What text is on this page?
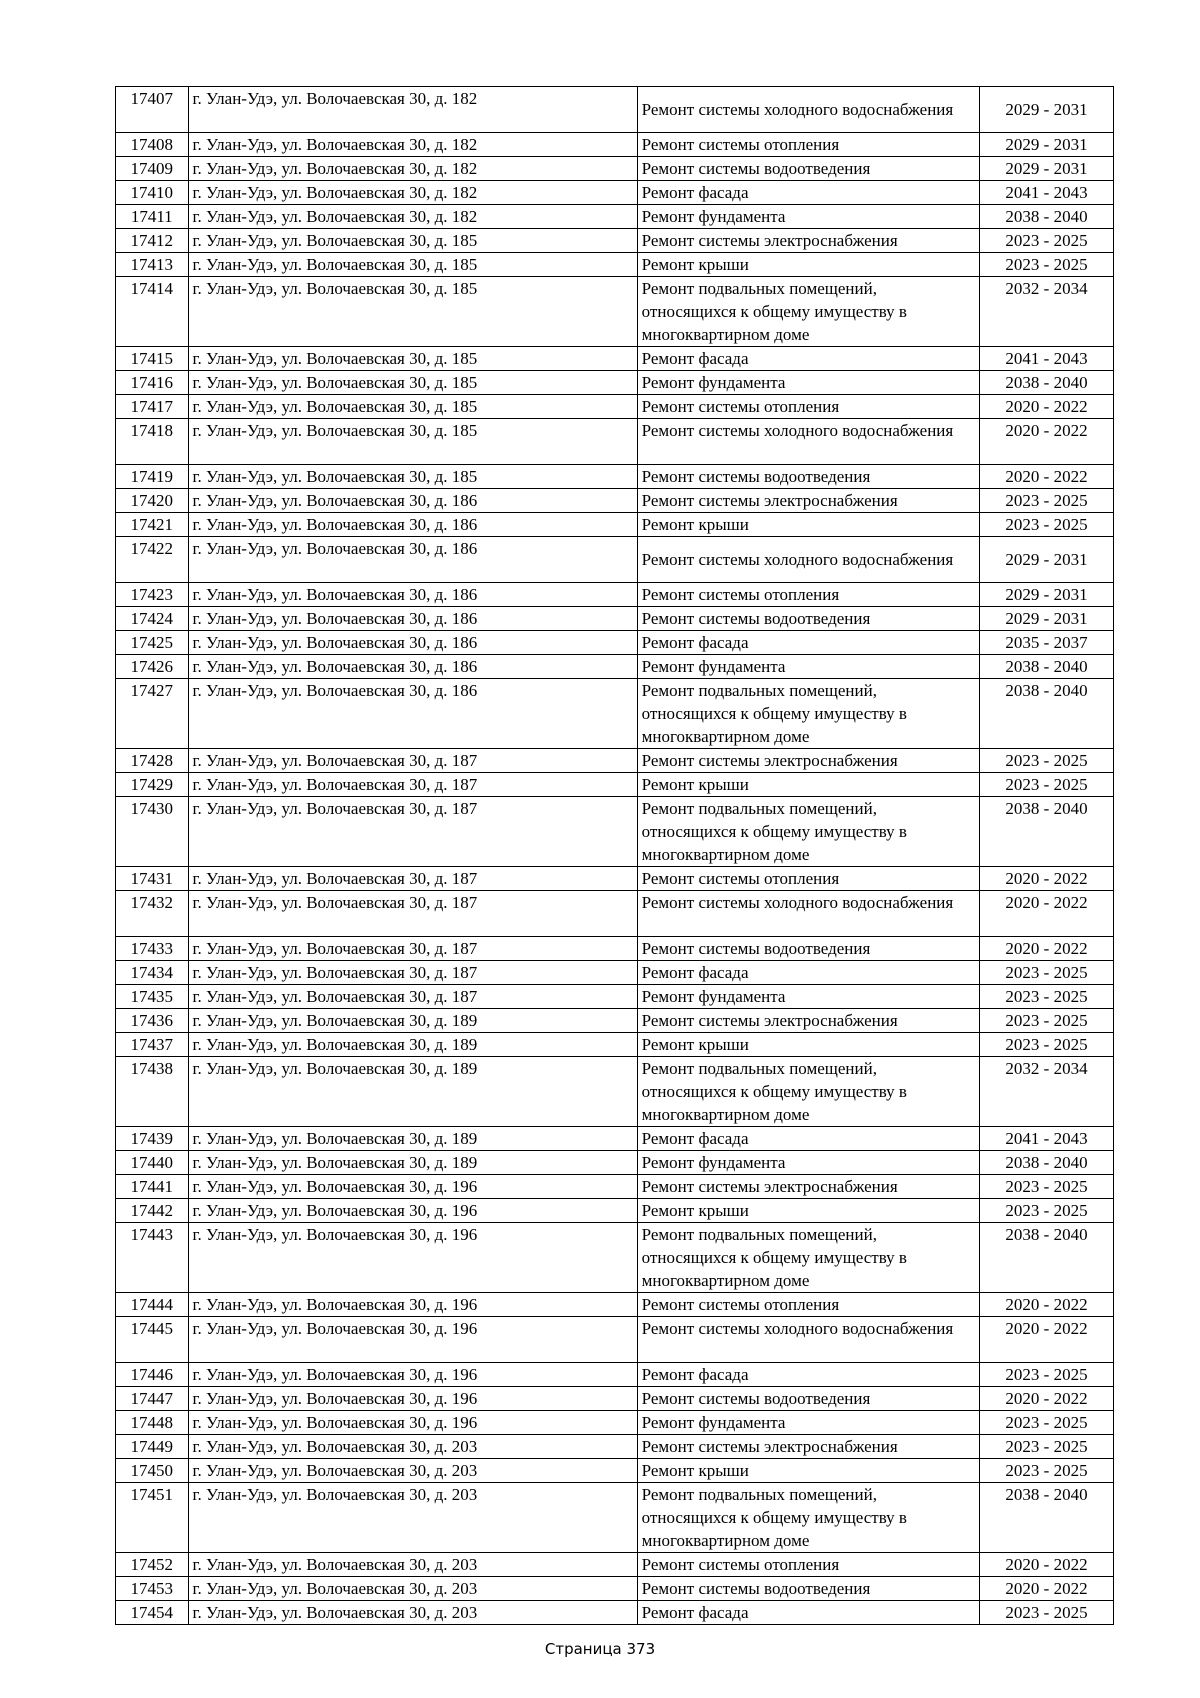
17407	г. Улан-Удэ, ул. Волочаевская 30, д. 182	Ремонт системы холодного водоснабжения	2029 - 2031
17408	г. Улан-Удэ, ул. Волочаевская 30, д. 182	Ремонт системы отопления	2029 - 2031
17409	г. Улан-Удэ, ул. Волочаевская 30, д. 182	Ремонт системы водоотведения	2029 - 2031
17410	г. Улан-Удэ, ул. Волочаевская 30, д. 182	Ремонт фасада	2041 - 2043
17411	г. Улан-Удэ, ул. Волочаевская 30, д. 182	Ремонт фундамента	2038 - 2040
17412	г. Улан-Удэ, ул. Волочаевская 30, д. 185	Ремонт системы электроснабжения	2023 - 2025
17413	г. Улан-Удэ, ул. Волочаевская 30, д. 185	Ремонт крыши	2023 - 2025
17414	г. Улан-Удэ, ул. Волочаевская 30, д. 185	Ремонт подвальных помещений, относящихся к общему имуществу в многоквартирном доме	2032 - 2034
17415	г. Улан-Удэ, ул. Волочаевская 30, д. 185	Ремонт фасада	2041 - 2043
17416	г. Улан-Удэ, ул. Волочаевская 30, д. 185	Ремонт фундамента	2038 - 2040
17417	г. Улан-Удэ, ул. Волочаевская 30, д. 185	Ремонт системы отопления	2020 - 2022
17418	г. Улан-Удэ, ул. Волочаевская 30, д. 185	Ремонт системы холодного водоснабжения	2020 - 2022
17419	г. Улан-Удэ, ул. Волочаевская 30, д. 185	Ремонт системы водоотведения	2020 - 2022
17420	г. Улан-Удэ, ул. Волочаевская 30, д. 186	Ремонт системы электроснабжения	2023 - 2025
17421	г. Улан-Удэ, ул. Волочаевская 30, д. 186	Ремонт крыши	2023 - 2025
17422	г. Улан-Удэ, ул. Волочаевская 30, д. 186	Ремонт системы холодного водоснабжения	2029 - 2031
17423	г. Улан-Удэ, ул. Волочаевская 30, д. 186	Ремонт системы отопления	2029 - 2031
17424	г. Улан-Удэ, ул. Волочаевская 30, д. 186	Ремонт системы водоотведения	2029 - 2031
17425	г. Улан-Удэ, ул. Волочаевская 30, д. 186	Ремонт фасада	2035 - 2037
17426	г. Улан-Удэ, ул. Волочаевская 30, д. 186	Ремонт фундамента	2038 - 2040
17427	г. Улан-Удэ, ул. Волочаевская 30, д. 186	Ремонт подвальных помещений, относящихся к общему имуществу в многоквартирном доме	2038 - 2040
17428	г. Улан-Удэ, ул. Волочаевская 30, д. 187	Ремонт системы электроснабжения	2023 - 2025
17429	г. Улан-Удэ, ул. Волочаевская 30, д. 187	Ремонт крыши	2023 - 2025
17430	г. Улан-Удэ, ул. Волочаевская 30, д. 187	Ремонт подвальных помещений, относящихся к общему имуществу в многоквартирном доме	2038 - 2040
17431	г. Улан-Удэ, ул. Волочаевская 30, д. 187	Ремонт системы отопления	2020 - 2022
17432	г. Улан-Удэ, ул. Волочаевская 30, д. 187	Ремонт системы холодного водоснабжения	2020 - 2022
17433	г. Улан-Удэ, ул. Волочаевская 30, д. 187	Ремонт системы водоотведения	2020 - 2022
17434	г. Улан-Удэ, ул. Волочаевская 30, д. 187	Ремонт фасада	2023 - 2025
17435	г. Улан-Удэ, ул. Волочаевская 30, д. 187	Ремонт фундамента	2023 - 2025
17436	г. Улан-Удэ, ул. Волочаевская 30, д. 189	Ремонт системы электроснабжения	2023 - 2025
17437	г. Улан-Удэ, ул. Волочаевская 30, д. 189	Ремонт крыши	2023 - 2025
17438	г. Улан-Удэ, ул. Волочаевская 30, д. 189	Ремонт подвальных помещений, относящихся к общему имуществу в многоквартирном доме	2032 - 2034
17439	г. Улан-Удэ, ул. Волочаевская 30, д. 189	Ремонт фасада	2041 - 2043
17440	г. Улан-Удэ, ул. Волочаевская 30, д. 189	Ремонт фундамента	2038 - 2040
17441	г. Улан-Удэ, ул. Волочаевская 30, д. 196	Ремонт системы электроснабжения	2023 - 2025
17442	г. Улан-Удэ, ул. Волочаевская 30, д. 196	Ремонт крыши	2023 - 2025
17443	г. Улан-Удэ, ул. Волочаевская 30, д. 196	Ремонт подвальных помещений, относящихся к общему имуществу в многоквартирном доме	2038 - 2040
17444	г. Улан-Удэ, ул. Волочаевская 30, д. 196	Ремонт системы отопления	2020 - 2022
17445	г. Улан-Удэ, ул. Волочаевская 30, д. 196	Ремонт системы холодного водоснабжения	2020 - 2022
17446	г. Улан-Удэ, ул. Волочаевская 30, д. 196	Ремонт фасада	2023 - 2025
17447	г. Улан-Удэ, ул. Волочаевская 30, д. 196	Ремонт системы водоотведения	2020 - 2022
17448	г. Улан-Удэ, ул. Волочаевская 30, д. 196	Ремонт фундамента	2023 - 2025
17449	г. Улан-Удэ, ул. Волочаевская 30, д. 203	Ремонт системы электроснабжения	2023 - 2025
17450	г. Улан-Удэ, ул. Волочаевская 30, д. 203	Ремонт крыши	2023 - 2025
17451	г. Улан-Удэ, ул. Волочаевская 30, д. 203	Ремонт подвальных помещений, относящихся к общему имуществу в многоквартирном доме	2038 - 2040
17452	г. Улан-Удэ, ул. Волочаевская 30, д. 203	Ремонт системы отопления	2020 - 2022
17453	г. Улан-Удэ, ул. Волочаевская 30, д. 203	Ремонт системы водоотведения	2020 - 2022
17454	г. Улан-Удэ, ул. Волочаевская 30, д. 203	Ремонт фасада	2023 - 2025
Страница 373
